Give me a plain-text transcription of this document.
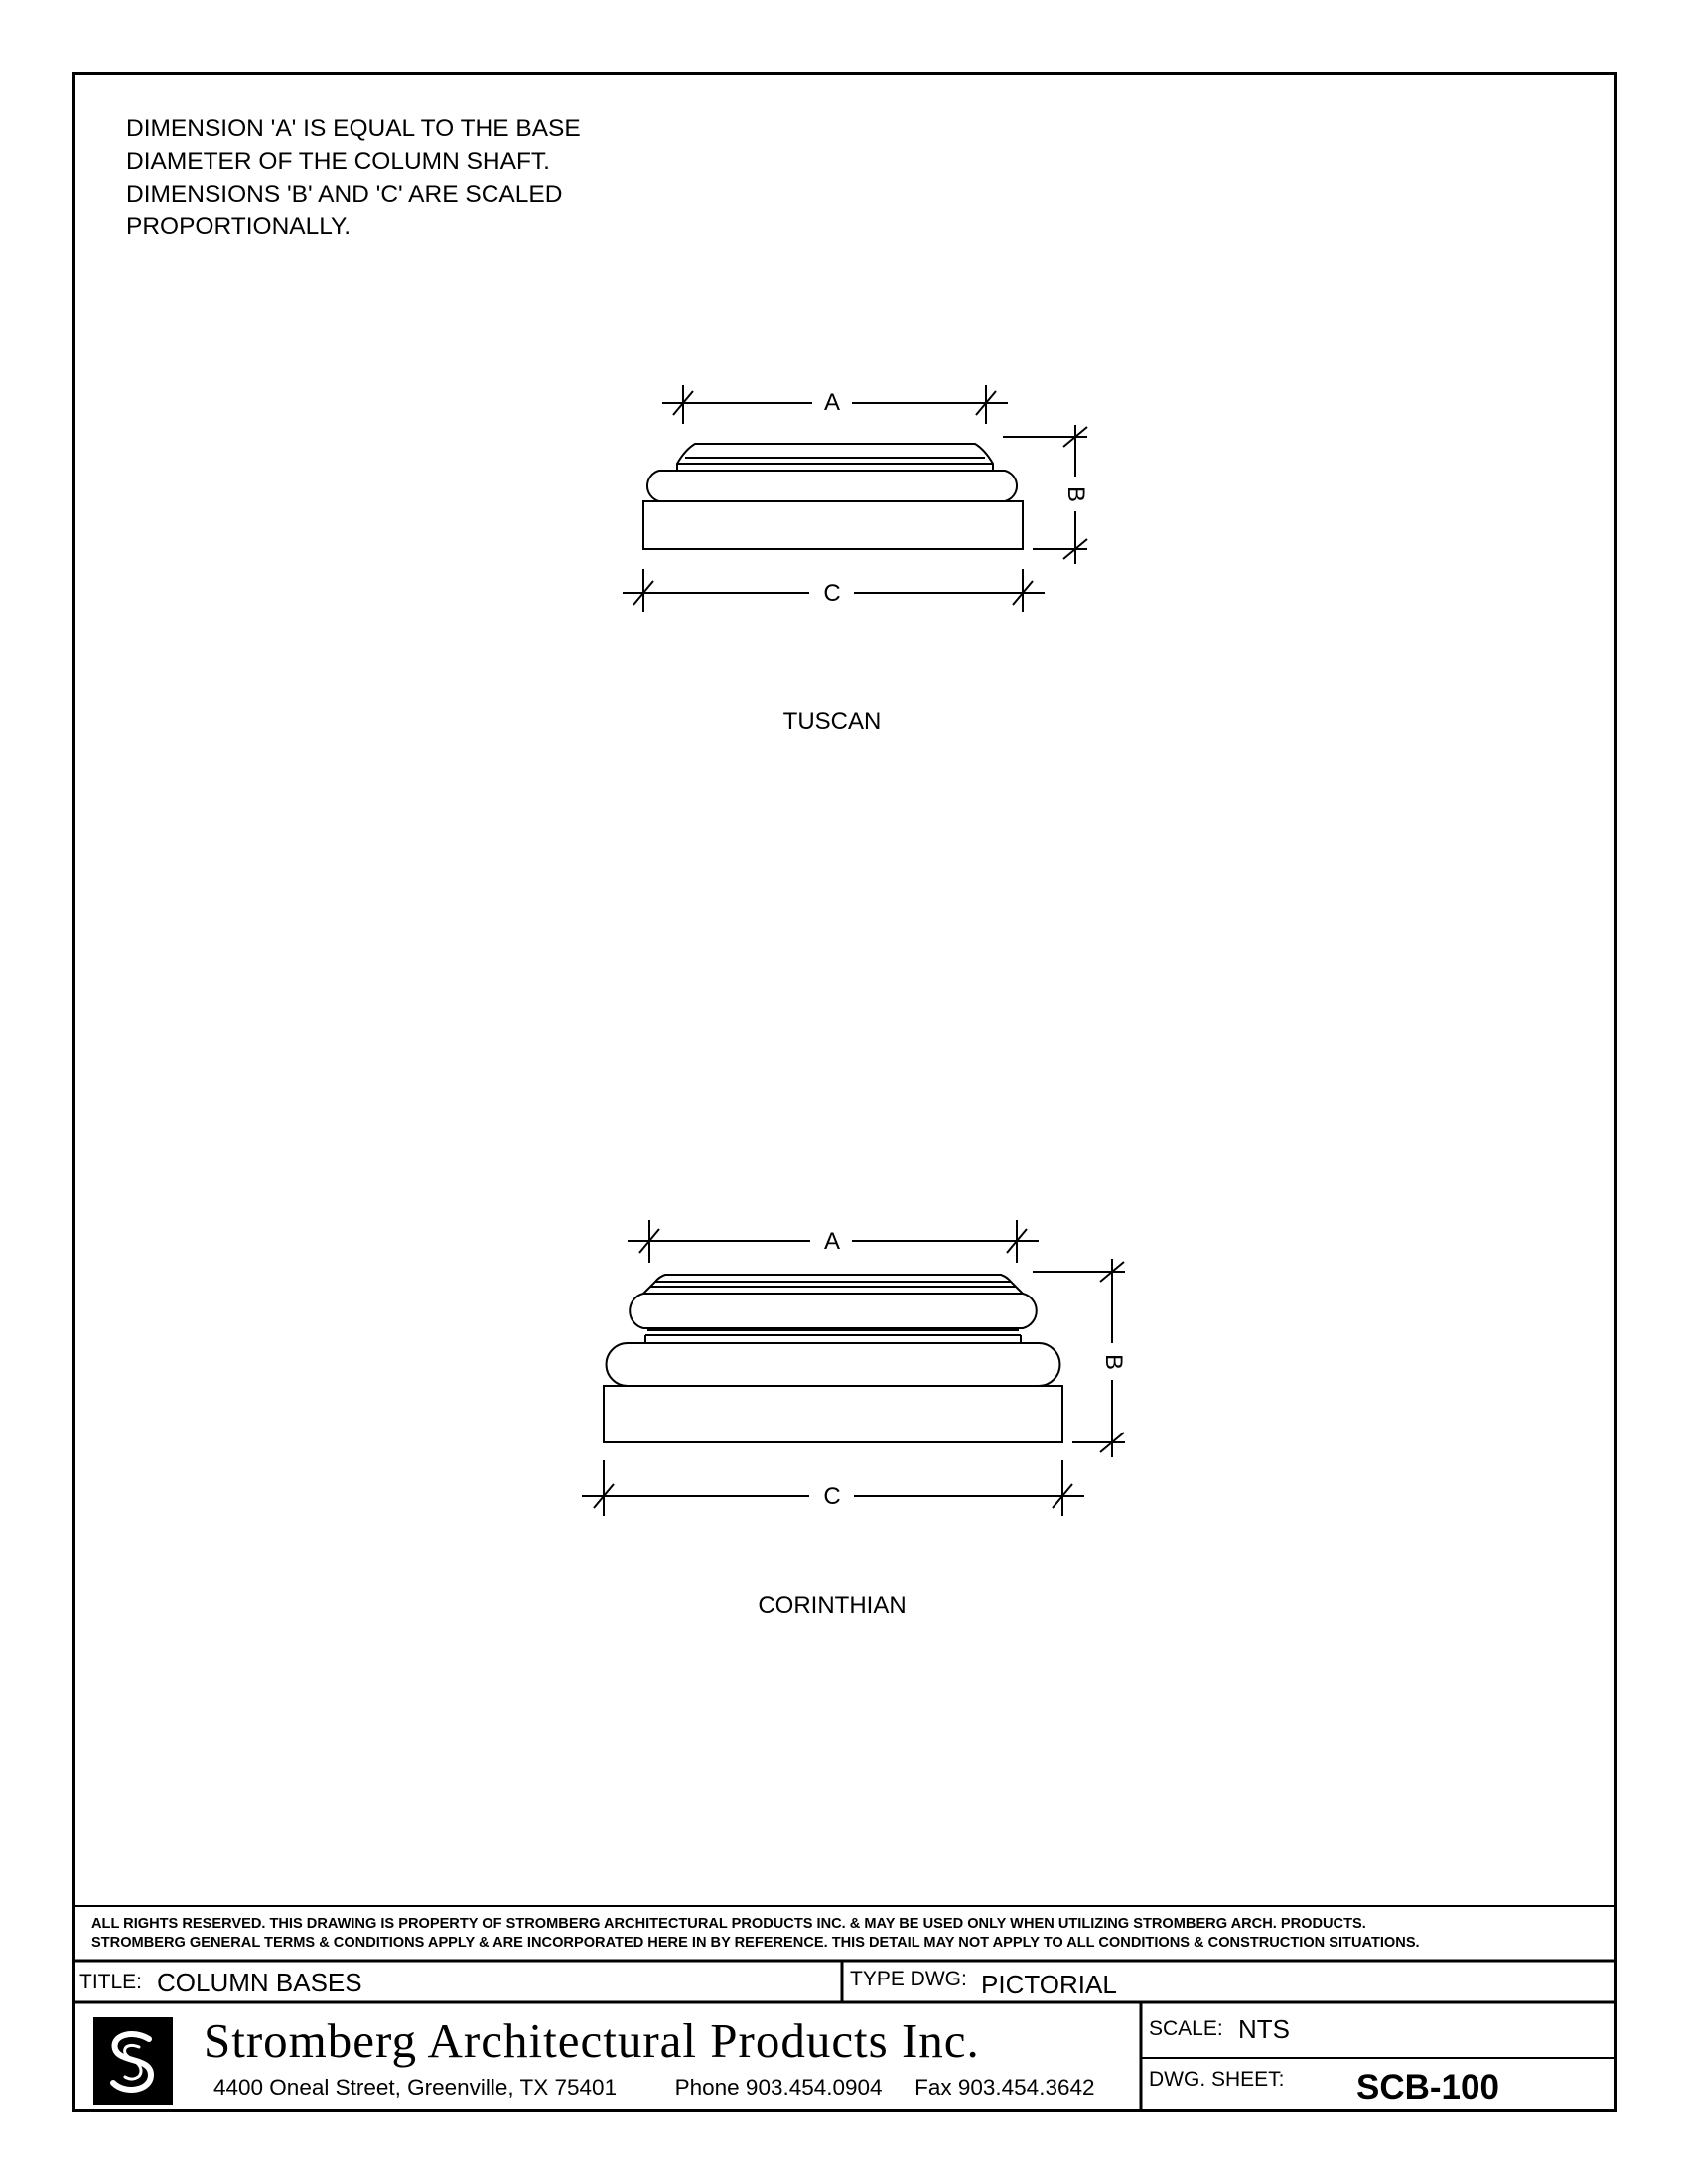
DIMENSION 'A' IS EQUAL TO THE BASE
DIAMETER OF THE COLUMN SHAFT.
DIMENSIONS 'B' AND 'C' ARE SCALED
PROPORTIONALLY.
A
C
B
TUSCAN
A
C
B
CORINTHIAN
ALL RIGHTS RESERVED. THIS DRAWING IS PROPERTY OF STROMBERG ARCHITECTURAL PRODUCTS INC. & MAY BE USED ONLY WHEN UTILIZING STROMBERG ARCH. PRODUCTS.
STROMBERG GENERAL TERMS & CONDITIONS APPLY & ARE INCORPORATED HERE IN BY REFERENCE. THIS DETAIL MAY NOT APPLY TO ALL CONDITIONS & CONSTRUCTION SITUATIONS.
TITLE: COLUMN BASES	TYPE DWG: PICTORIAL
SCALE: NTS
DWG. SHEET: SCB-100
Stromberg Architectural Products Inc.
4400 Oneal Street, Greenville, TX 75401	Phone 903.454.0904 Fax 903.454.3642
